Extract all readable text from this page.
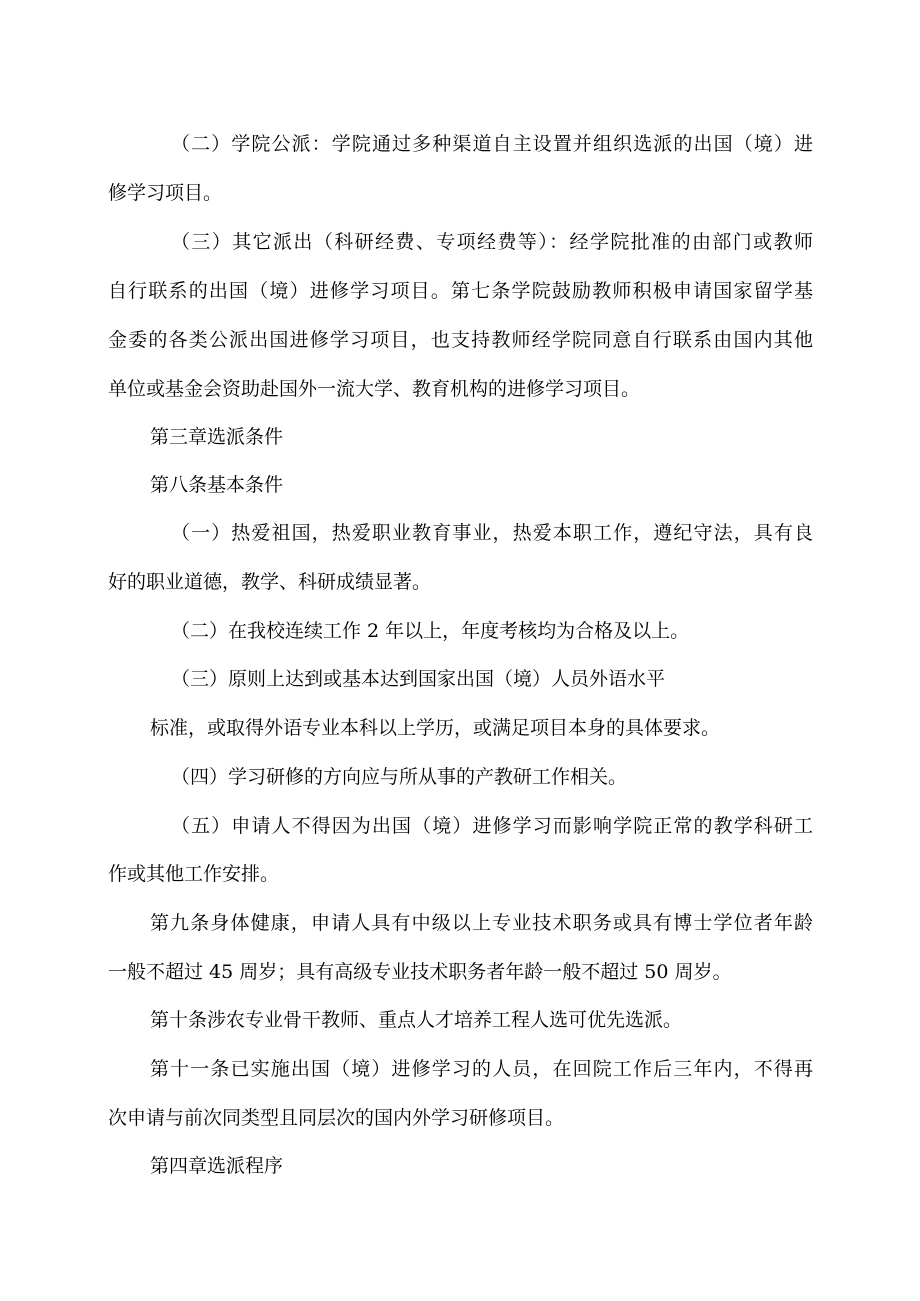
（二）学院公派：学院通过多种渠道自主设置并组织选派的出国（境）进
修学习项目。
（三）其它派出（科研经费、专项经费等）：经学院批准的由部门或教师
自行联系的出国（境）进修学习项目。第七条学院鼓励教师积极申请国家留学基
金委的各类公派出国进修学习项目，也支持教师经学院同意自行联系由国内其他
单位或基金会资助赴国外一流大学、教育机构的进修学习项目。
第三章选派条件
第八条基本条件
（一）热爱祖国，热爱职业教育事业，热爱本职工作，遵纪守法，具有良
好的职业道德，教学、科研成绩显著。
（二）在我校连续工作 2 年以上，年度考核均为合格及以上。
（三）原则上达到或基本达到国家出国（境）人员外语水平
标准，或取得外语专业本科以上学历，或满足项目本身的具体要求。
（四）学习研修的方向应与所从事的产教研工作相关。
（五）申请人不得因为出国（境）进修学习而影响学院正常的教学科研工
作或其他工作安排。
第九条身体健康，申请人具有中级以上专业技术职务或具有博士学位者年龄
一般不超过 45 周岁；具有高级专业技术职务者年龄一般不超过 50 周岁。
第十条涉农专业骨干教师、重点人才培养工程人选可优先选派。
第十一条已实施出国（境）进修学习的人员，在回院工作后三年内，不得再
次申请与前次同类型且同层次的国内外学习研修项目。
第四章选派程序
